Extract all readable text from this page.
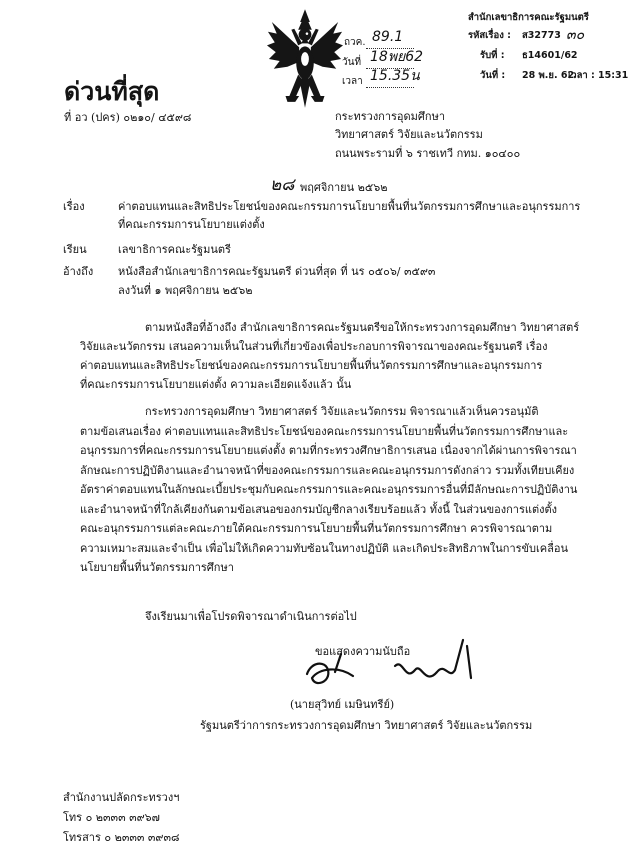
สำนักเลขาธิการคณะรัฐมนตรี
รหัสเรื่อง : ส32773 ๓๐
รับที่ : ธ14601/62
วันที่ : 28 พ.ย. 62
เวลา : 15:31
ถวค. 89.1
วันที่ 18พย62
เวลา 15.35น
ด่วนที่สุด
ที่ อว (ปคร) ๐๒๑๐/ ๔๕๙๘	กระทรวงการอุดมศึกษา
วิทยาศาสตร์ วิจัยและนวัตกรรม
ถนนพระรามที่ ๖ ราชเทวี กทม. ๑๐๔๐๐
๒๘ พฤศจิกายน ๒๕๖๒
เรื่อง	ค่าตอบแทนและสิทธิประโยชน์ของคณะกรรมการนโยบายพื้นที่นวัตกรรมการศึกษาและอนุกรรมการ
ที่คณะกรรมการนโยบายแต่งตั้ง
เรียน	เลขาธิการคณะรัฐมนตรี
อ้างถึง หนังสือสำนักเลขาธิการคณะรัฐมนตรี ด่วนที่สุด ที่ นร ๐๕๐๖/ ๓๕๙๓
ลงวันที่ ๑ พฤศจิกายน ๒๕๖๒
ตามหนังสือที่อ้างถึง สำนักเลขาธิการคณะรัฐมนตรีขอให้กระทรวงการอุดมศึกษา วิทยาศาสตร์
วิจัยและนวัตกรรม เสนอความเห็นในส่วนที่เกี่ยวข้องเพื่อประกอบการพิจารณาของคณะรัฐมนตรี เรื่อง
ค่าตอบแทนและสิทธิประโยชน์ของคณะกรรมการนโยบายพื้นที่นวัตกรรมการศึกษาและอนุกรรมการ
ที่คณะกรรมการนโยบายแต่งตั้ง ความละเอียดแจ้งแล้ว นั้น
กระทรวงการอุดมศึกษา วิทยาศาสตร์ วิจัยและนวัตกรรม พิจารณาแล้วเห็นควรอนุมัติ
ตามข้อเสนอเรื่อง ค่าตอบแทนและสิทธิประโยชน์ของคณะกรรมการนโยบายพื้นที่นวัตกรรมการศึกษาและ
อนุกรรมการที่คณะกรรมการนโยบายแต่งตั้ง ตามที่กระทรวงศึกษาธิการเสนอ เนื่องจากได้ผ่านการพิจารณา
ลักษณะการปฏิบัติงานและอำนาจหน้าที่ของคณะกรรมการและคณะอนุกรรมการดังกล่าว รวมทั้งเทียบเคียง
อัตราค่าตอบแทนในลักษณะเบี้ยประชุมกับคณะกรรมการและคณะอนุกรรมการอื่นที่มีลักษณะการปฏิบัติงาน
และอำนาจหน้าที่ใกล้เคียงกันตามข้อเสนอของกรมบัญชีกลางเรียบร้อยแล้ว ทั้งนี้ ในส่วนของการแต่งตั้ง
คณะอนุกรรมการแต่ละคณะภายใต้คณะกรรมการนโยบายพื้นที่นวัตกรรมการศึกษา ควรพิจารณาตาม
ความเหมาะสมและจำเป็น เพื่อไม่ให้เกิดความทับซ้อนในทางปฏิบัติ และเกิดประสิทธิภาพในการขับเคลื่อน
นโยบายพื้นที่นวัตกรรมการศึกษา
จึงเรียนมาเพื่อโปรดพิจารณาดำเนินการต่อไป
ขอแสดงความนับถือ
(นายสุวิทย์ เมษินทรีย์)
รัฐมนตรีว่าการกระทรวงการอุดมศึกษา วิทยาศาสตร์ วิจัยและนวัตกรรม
สำนักงานปลัดกระทรวงฯ
โทร ๐ ๒๓๓๓ ๓๙๖๗
โทรสาร ๐ ๒๓๓๓ ๓๙๓๘
